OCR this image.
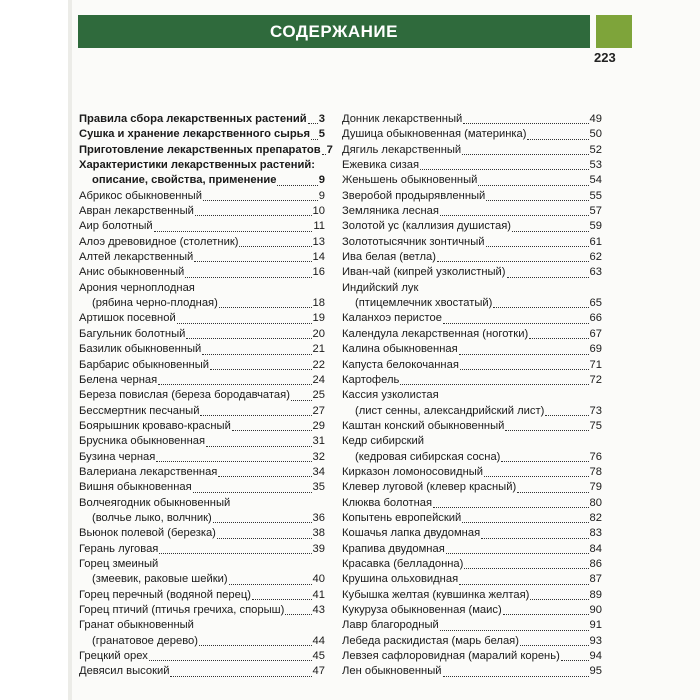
СОДЕРЖАНИЕ
223
Правила сбора лекарственных растений 3
Сушка и хранение лекарственного сырья 5
Приготовление лекарственных препаратов 7
Характеристики лекарственных растений:
описание, свойства, применение	9
Абрикос обыкновенный	9
Авран лекарственный	10
Аир болотный	11
Алоэ древовидное (столетник)	13
Алтей лекарственный	14
Анис обыкновенный	16
Арония черноплодная
(рябина черно-плодная)	18
Артишок посевной	19
Багульник болотный	20
Базилик обыкновенный	21
Барбарис обыкновенный	22
Белена черная	24
Береза повислая (береза бородавчатая) 25
Бессмертник песчаный	27
Боярышник кроваво-красный	29
Брусника обыкновенная	31
Бузина черная	32
Валериана лекарственная	34
Вишня обыкновенная	35
Волчеягодник обыкновенный
(волчье лыко, волчник)	36
Вьюнок полевой (березка)	38
Герань луговая	39
Горец змеиный
(змеевик, раковые шейки)	40
Горец перечный (водяной перец)	41
Горец птичий (птичья гречиха, спорыш)	43
Гранат обыкновенный
(гранатовое дерево)	44
Грецкий орех	45
Девясил высокий	47
Донник лекарственный	49
Душица обыкновенная (материнка)	50
Дягиль лекарственный	52
Ежевика сизая	53
Женьшень обыкновенный	54
Зверобой продырявленный	55
Земляника лесная	57
Золотой ус (каллизия душистая)	59
Золототысячник зонтичный	61
Ива белая (ветла)	62
Иван-чай (кипрей узколистный)	63
Индийский лук
(птицемлечник хвостатый)	65
Каланхоэ перистое	66
Календула лекарственная (ноготки)	67
Калина обыкновенная	69
Капуста белокочанная	71
Картофель	72
Кассия узколистая
(лист сенны, александрийский лист)	73
Каштан конский обыкновенный	75
Кедр сибирский
(кедровая сибирская сосна)	76
Кирказон ломоносовидный	78
Клевер луговой (клевер красный)	79
Клюква болотная	80
Копытень европейский	82
Кошачья лапка двудомная	83
Крапива двудомная	84
Красавка (белладонна)	86
Крушина ольховидная	87
Кубышка желтая (кувшинка желтая)	89
Кукуруза обыкновенная (маис)	90
Лавр благородный	91
Лебеда раскидистая (марь белая)	93
Левзея сафлоровидная (маралий корень)	94
Лен обыкновенный	95
